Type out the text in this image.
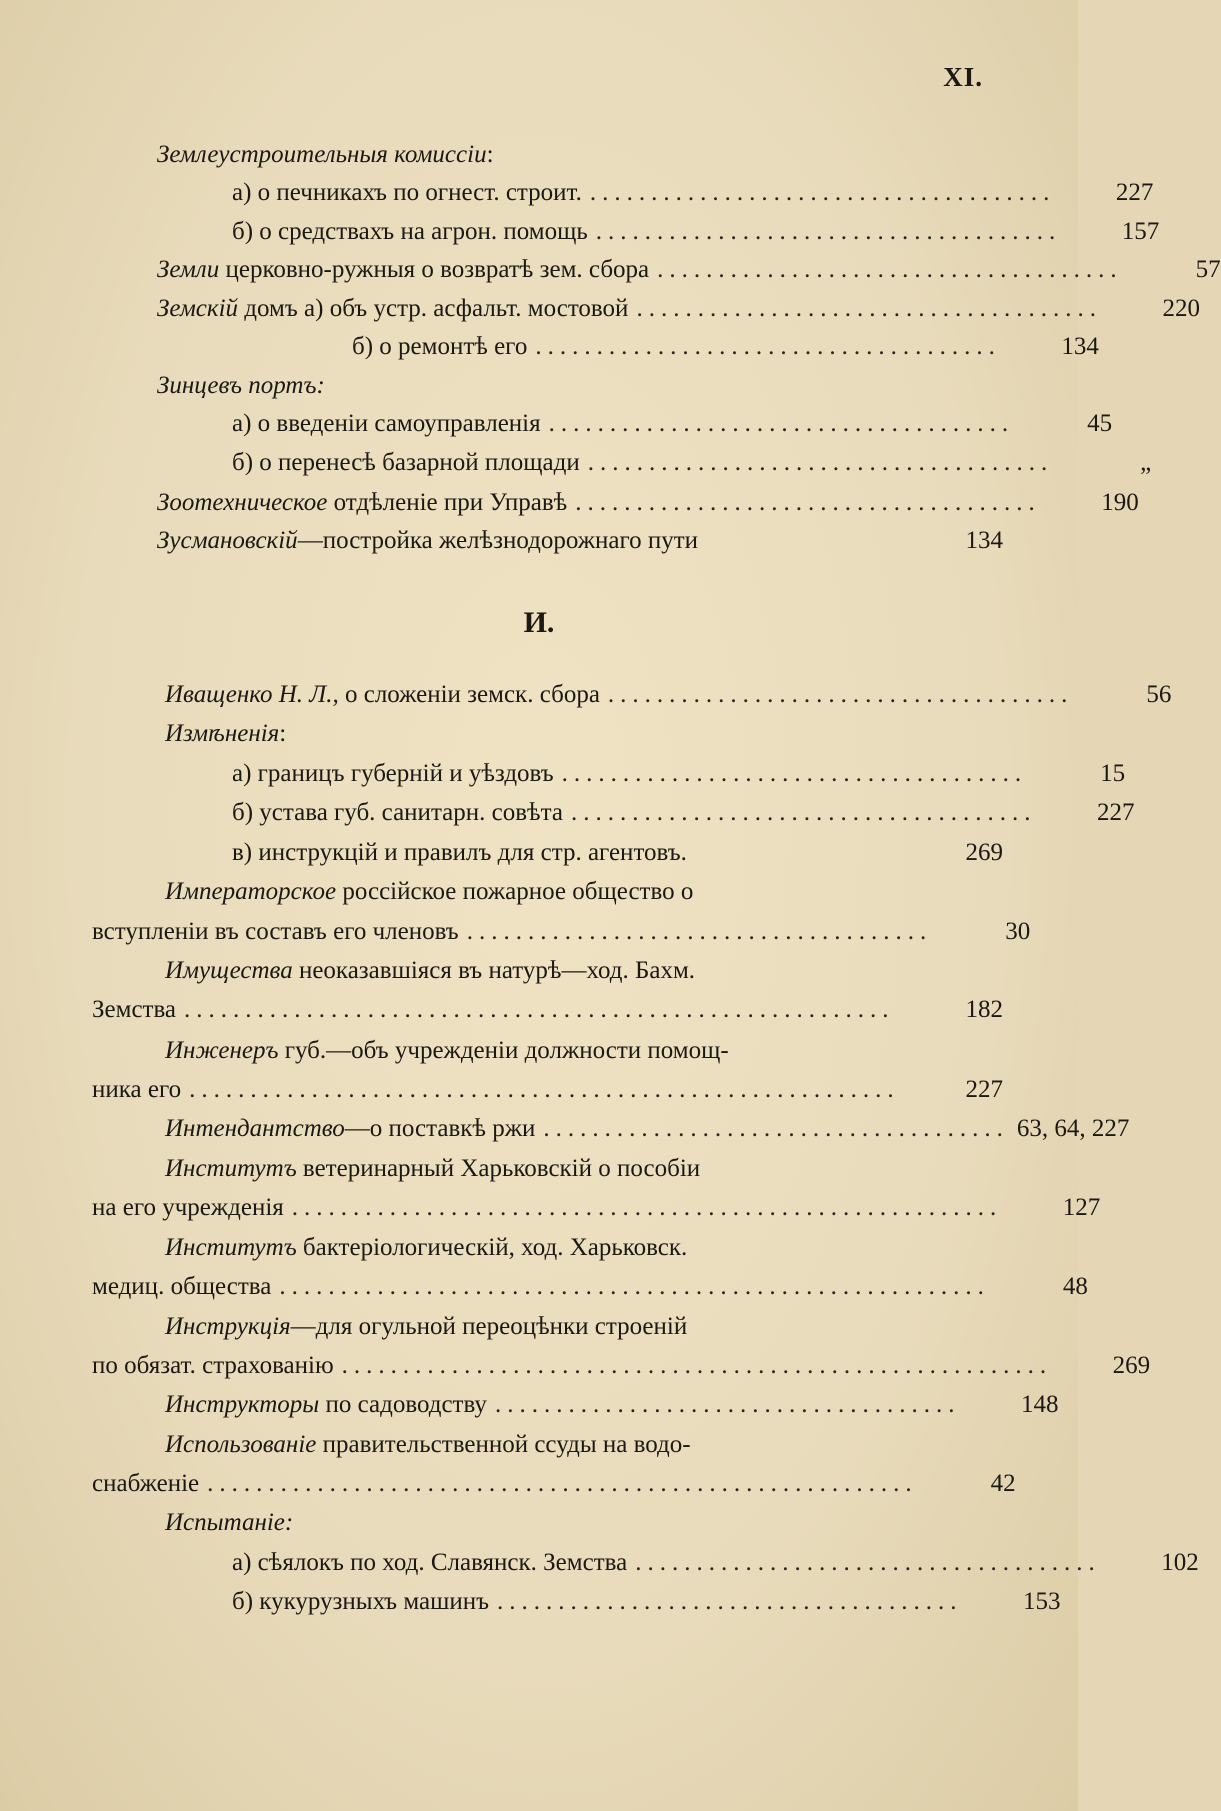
XI.
Землеустроительныя комиссіи:
а) о печникахъ по огнест. строит. ......................................	227
б) о средствахъ на агрон. помощь ......................................	157
Земли церковно-ружныя о возвратѣ зем. сбора ......................................	57
Земскій домъ а) объ устр. асфальт. мостовой ......................................	220
б) о ремонтѣ его ......................................	134
Зинцевъ портъ:
а) о введеніи самоуправленія ......................................	45
б) о перенесѣ базарной площади ......................................	„
Зоотехническое отдѣленіе при Управѣ ......................................	190
Зусмановскій—постройка желѣзнодорожнаго пути	134
И.
Иващенко Н. Л., о сложеніи земск. сбора ......................................	56
Измѣненія:
а) границъ губерній и уѣздовъ ......................................	15
б) устава губ. санитарн. совѣта ......................................	227
в) инструкцій и правилъ для стр. агентовъ.	269
Императорское россійское пожарное общество о
вступленіи въ составъ его членовъ ......................................	30
Имущества неоказавшіяся въ натурѣ—ход. Бахм.
Земства ..........................................................	182
Инженеръ губ.—объ учрежденіи должности помощ-
ника его ..........................................................	227
Интендантство—о поставкѣ ржи ...................................... 63, 64, 227
Институтъ ветеринарный Харьковскій о пособіи
на его учрежденія ..........................................................	127
Институтъ бактеріологическій, ход. Харьковск.
медиц. общества ..........................................................	48
Инструкція—для огульной переоцѣнки строеній
по обязат. страхованію ..........................................................	269
Инструкторы по садоводству ......................................	148
Использованіе правительственной ссуды на водо-
снабженіе ..........................................................	42
Испытаніе:
а) сѣялокъ по ход. Славянск. Земства ......................................	102
б) кукурузныхъ машинъ ......................................	153
